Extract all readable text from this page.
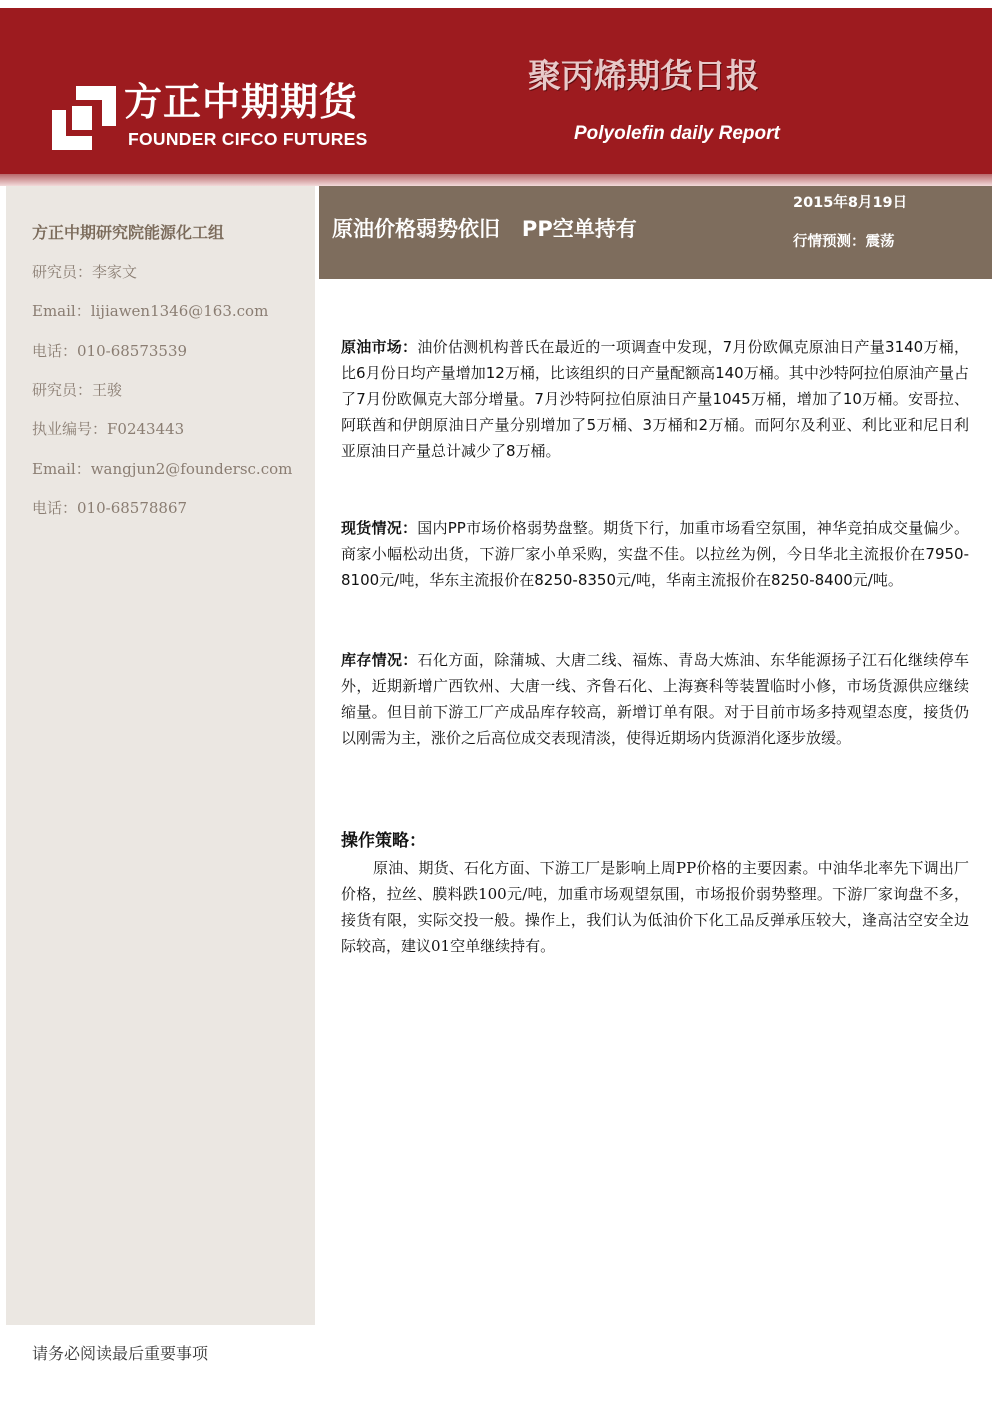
方正中期期货

FOUNDER CIFCO FUTURES

聚丙烯期货日报

Polyolefin daily Report

方正中期研究院能源化工组

研究员：李家文

Email：lijiawen1346@163.com

电话：010-68573539

研究员：王骏

执业编号：F0243443

Email：wangjun2@foundersc.com

电话：010-68578867

原油价格弱势依旧   PP空单持有

2015年8月19日

行情预测：震荡

原油市场：油价估测机构普氏在最近的一项调查中发现，7月份欧佩克原油日产量3140万桶，比6月份日均产量增加12万桶，比该组织的日产量配额高140万桶。其中沙特阿拉伯原油产量占了7月份欧佩克大部分增量。7月沙特阿拉伯原油日产量1045万桶，增加了10万桶。安哥拉、阿联酋和伊朗原油日产量分别增加了5万桶、3万桶和2万桶。而阿尔及利亚、利比亚和尼日利亚原油日产量总计减少了8万桶。

现货情况：国内PP市场价格弱势盘整。期货下行，加重市场看空氛围，神华竞拍成交量偏少。商家小幅松动出货，下游厂家小单采购，实盘不佳。以拉丝为例，今日华北主流报价在7950-8100元/吨，华东主流报价在8250-8350元/吨，华南主流报价在8250-8400元/吨。

库存情况：石化方面，除蒲城、大唐二线、福炼、青岛大炼油、东华能源扬子江石化继续停车外，近期新增广西钦州、大唐一线、齐鲁石化、上海赛科等装置临时小修，市场货源供应继续缩量。但目前下游工厂产成品库存较高，新增订单有限。对于目前市场多持观望态度，接货仍以刚需为主，涨价之后高位成交表现清淡，使得近期场内货源消化逐步放缓。

操作策略：

原油、期货、石化方面、下游工厂是影响上周PP价格的主要因素。中油华北率先下调出厂价格，拉丝、膜料跌100元/吨，加重市场观望氛围，市场报价弱势整理。下游厂家询盘不多，接货有限，实际交投一般。操作上，我们认为低油价下化工品反弹承压较大，逢高沽空安全边际较高，建议01空单继续持有。

请务必阅读最后重要事项
